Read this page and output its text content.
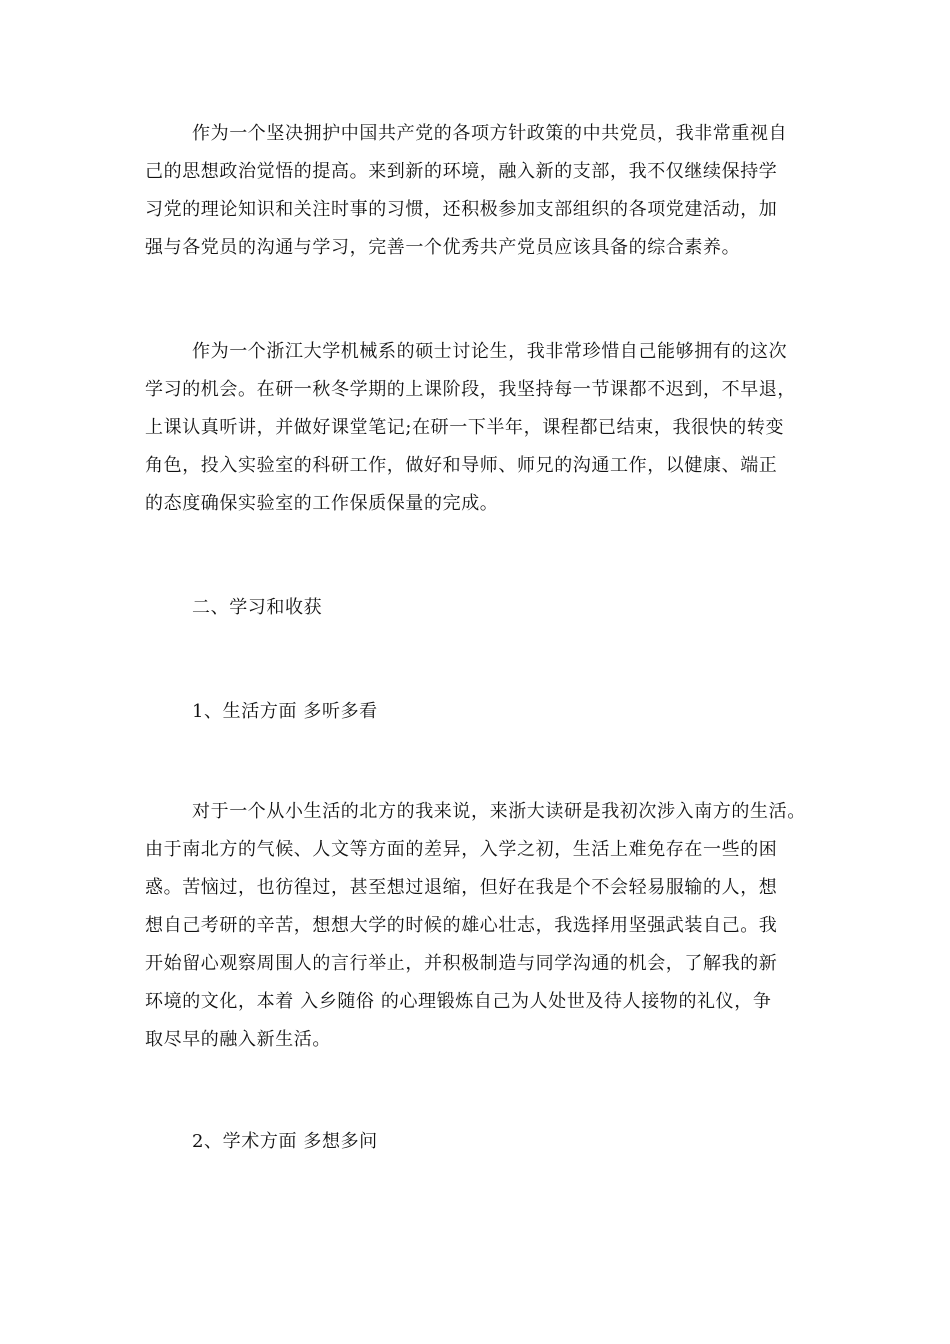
作为一个坚决拥护中国共产党的各项方针政策的中共党员，我非常重视自

己的思想政治觉悟的提高。来到新的环境，融入新的支部，我不仅继续保持学

习党的理论知识和关注时事的习惯，还积极参加支部组织的各项党建活动，加

强与各党员的沟通与学习，完善一个优秀共产党员应该具备的综合素养。

作为一个浙江大学机械系的硕士讨论生，我非常珍惜自己能够拥有的这次

学习的机会。在研一秋冬学期的上课阶段，我坚持每一节课都不迟到，不早退，

上课认真听讲，并做好课堂笔记;在研一下半年，课程都已结束，我很快的转变

角色，投入实验室的科研工作，做好和导师、师兄的沟通工作，以健康、端正

的态度确保实验室的工作保质保量的完成。

二、学习和收获

1、生活方面 多听多看

对于一个从小生活的北方的我来说，来浙大读研是我初次涉入南方的生活。

由于南北方的气候、人文等方面的差异，入学之初，生活上难免存在一些的困

惑。苦恼过，也彷徨过，甚至想过退缩，但好在我是个不会轻易服输的人，想

想自己考研的辛苦，想想大学的时候的雄心壮志，我选择用坚强武装自己。我

开始留心观察周围人的言行举止，并积极制造与同学沟通的机会，了解我的新

环境的文化，本着 入乡随俗 的心理锻炼自己为人处世及待人接物的礼仪，争

取尽早的融入新生活。

2、学术方面 多想多问
